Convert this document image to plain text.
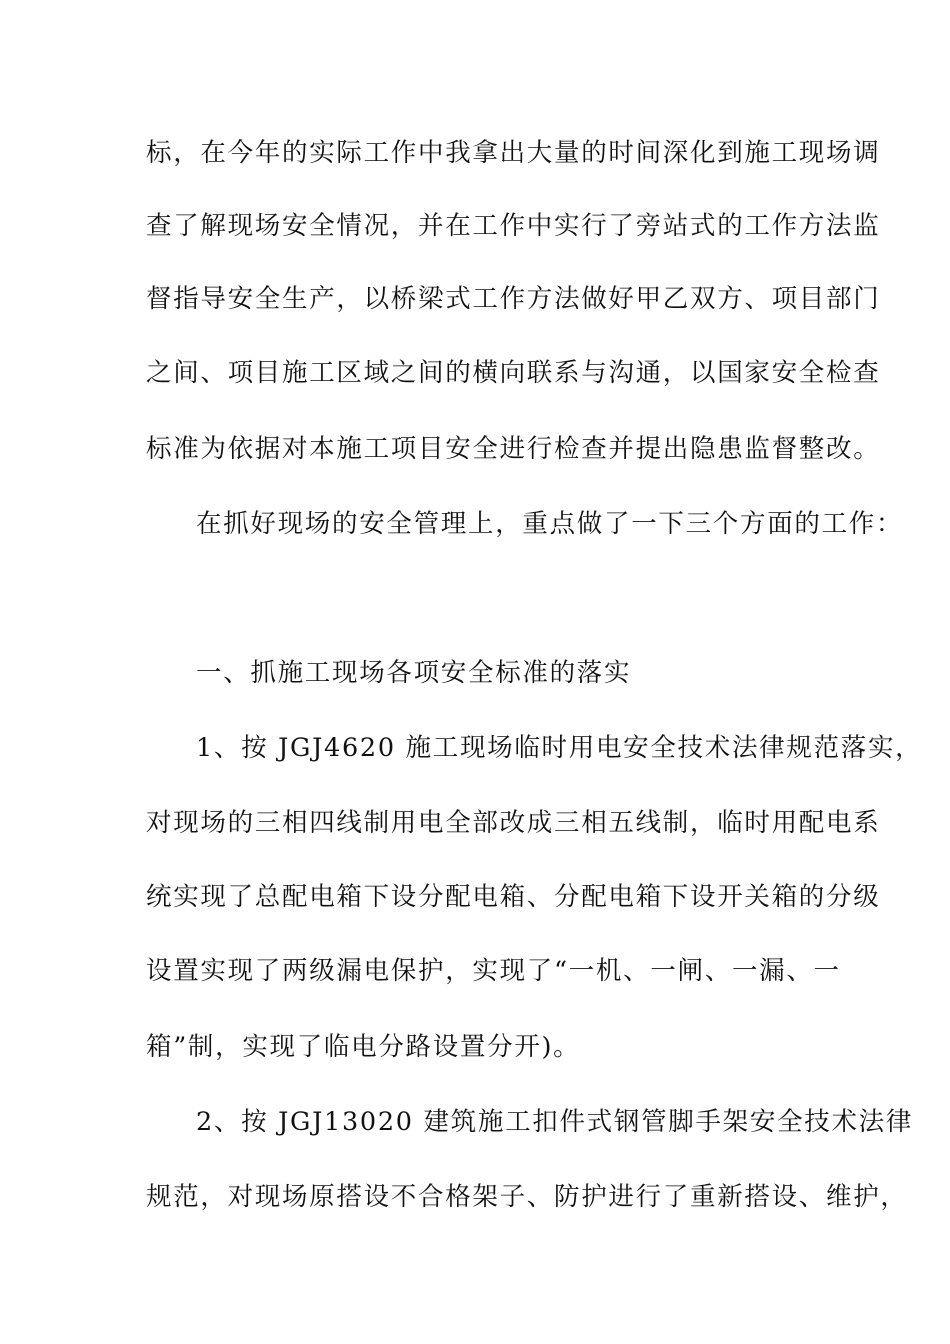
标，在今年的实际工作中我拿出大量的时间深化到施工现场调
查了解现场安全情况，并在工作中实行了旁站式的工作方法监
督指导安全生产，以桥梁式工作方法做好甲乙双方、项目部门
之间、项目施工区域之间的横向联系与沟通，以国家安全检查
标准为依据对本施工项目安全进行检查并提出隐患监督整改。
在抓好现场的安全管理上，重点做了一下三个方面的工作：
一、抓施工现场各项安全标准的落实
1、按 JGJ4620 施工现场临时用电安全技术法律规范落实，
对现场的三相四线制用电全部改成三相五线制，临时用配电系
统实现了总配电箱下设分配电箱、分配电箱下设开关箱的分级
设置实现了两级漏电保护，实现了“一机、一闸、一漏、一
箱”制，实现了临电分路设置分开)。
2、按 JGJ13020 建筑施工扣件式钢管脚手架安全技术法律
规范，对现场原搭设不合格架子、防护进行了重新搭设、维护，
